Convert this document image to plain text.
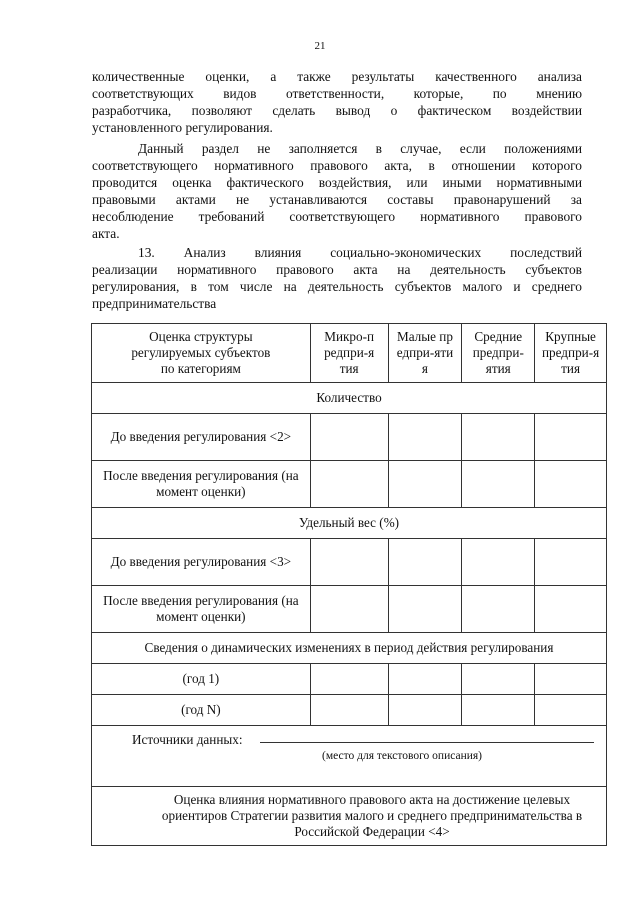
21
количественные оценки, а также результаты качественного анализа
соответствующих видов ответственности, которые, по мнению
разработчика, позволяют сделать вывод о фактическом воздействии
установленного регулирования.
Данный раздел не заполняется в случае, если положениями
соответствующего нормативного правового акта, в отношении которого
проводится оценка фактического воздействия, или иными нормативными
правовыми актами не устанавливаются составы правонарушений за
несоблюдение требований соответствующего нормативного правового
акта.
13. Анализ влияния социально-экономических последствий
реализации нормативного правового акта на деятельность субъектов
регулирования, в том числе на деятельность субъектов малого и среднего
предпринимательства
Оценка структуры регулируемых субъектов по категориям	Микро-предпри-ятия	Малые предпри-ятия	Средние предпри-ятия	Крупные предпри-ятия

Количество				

До введения регулирования <2>				

После введения регулирования (на момент оценки)				

Удельный вес (%)				

До введения регулирования <3>				

После введения регулирования (на момент оценки)				

Сведения о динамических изменениях в период действия регулирования				
(год 1)				
(год N)				

Источники данных:
(место для текстового описания)				

Оценка влияния нормативного правового акта на достижение целевых ориентиров Стратегии развития малого и среднего предпринимательства в Российской Федерации <4>				
